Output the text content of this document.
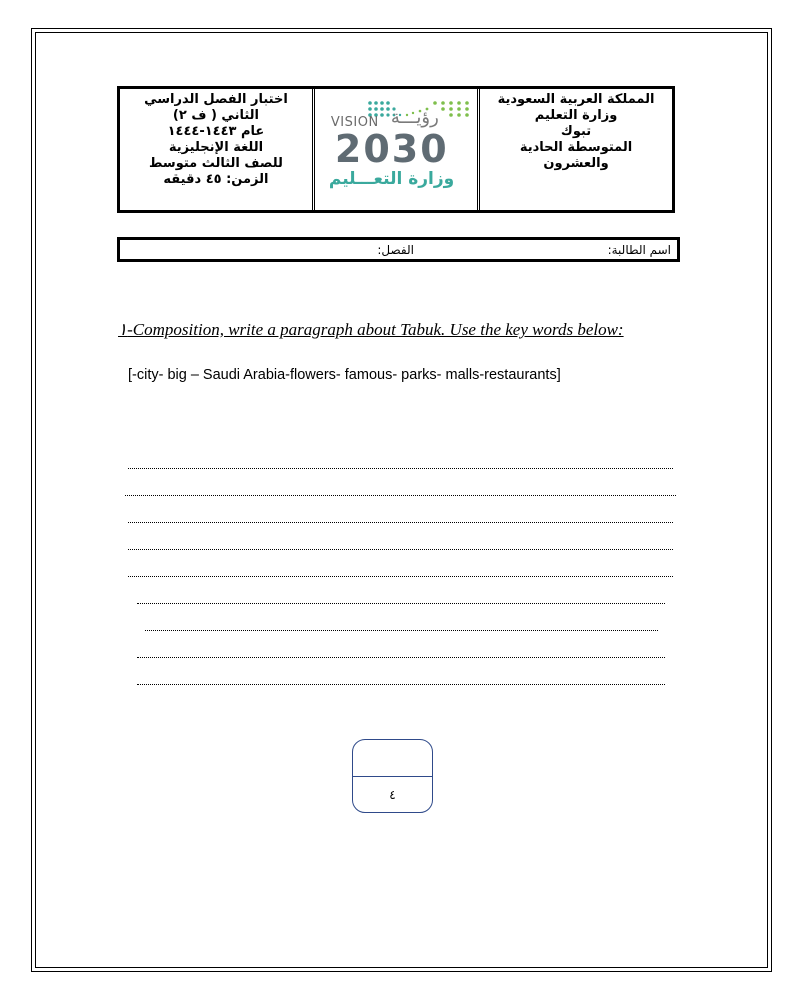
اختبار الفصل الدراسي
الثاني ( ف ٢)
عام ١٤٤٣-١٤٤٤
اللغة الإنجليزية
للصف الثالث متوسط
الزمن: ٤٥ دقيقه
VISION رؤيـــة
2030
وزارة التعـــليم
المملكة العربية السعودية
وزارة التعليم
تبوك
المتوسطة الحادية
والعشرون
اسم الطالبة:
الفصل:
١-Composition, write a paragraph about Tabuk. Use the key words below:
[-city- big – Saudi Arabia-flowers- famous- parks- malls-restaurants]
٤
